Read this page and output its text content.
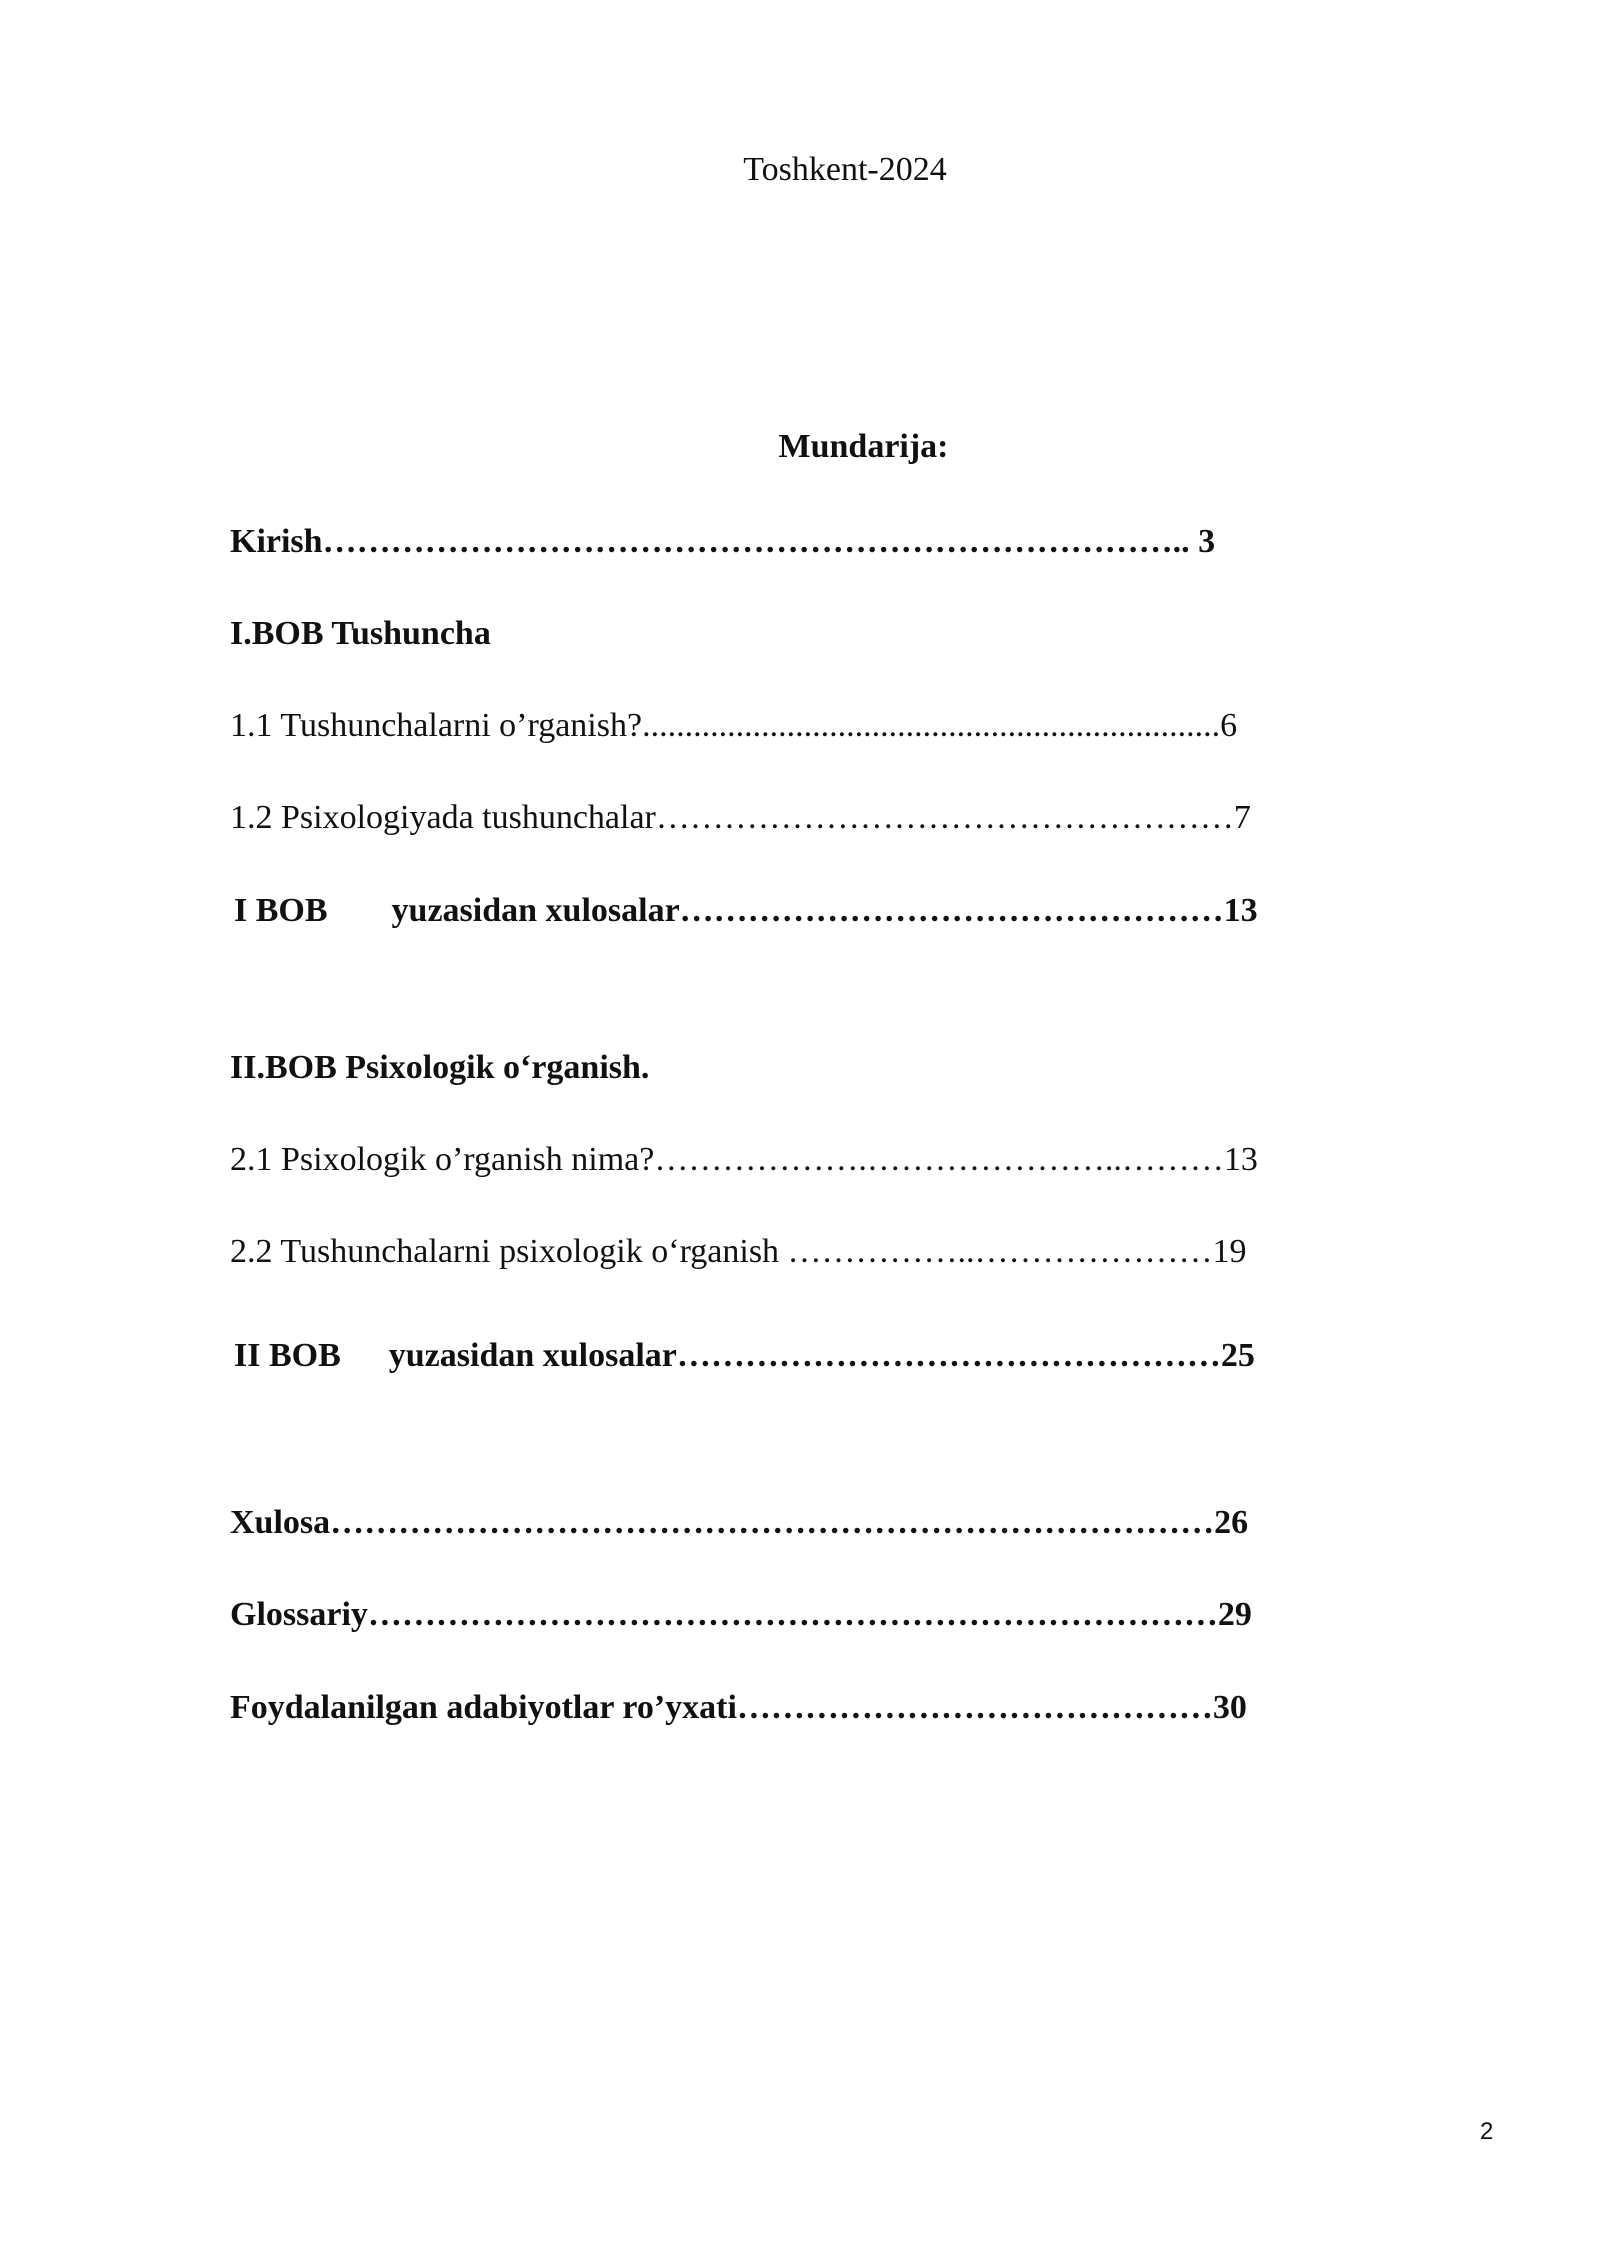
Toshkent-2024
Mundarija:
Kirish………………………………………………………………….. 3
I.BOB Tushuncha
1.1 Tushunchalarni o’rganish?....................................................................6
1.2 Psixologiyada tushunchalar……………………………………………7
I BOB yuzasidan xulosalar…………………………………………13
II.BOB Psixologik o‘rganish.
2.1 Psixologik o’rganish nima?……………….…………………..………13
2.2 Tushunchalarni psixologik o‘rganish ……………..…………………19
II BOB yuzasidan xulosalar…………………………………………25
Xulosa……………………………………………………………………26
Glossariy…………………………………………………………………29
Foydalanilgan adabiyotlar ro’yxati……………………………………30
2
